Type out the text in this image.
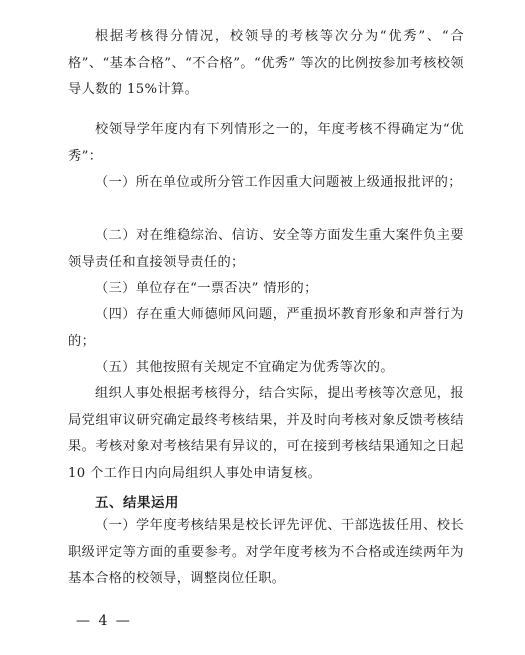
根据考核得分情况，校领导的考核等次分为“优秀”、“合格”、“基本合格”、“不合格”。“优秀” 等次的比例按参加考核校领导人数的 15%计算。

校领导学年度内有下列情形之一的，年度考核不得确定为“优秀”：

（一）所在单位或所分管工作因重大问题被上级通报批评的；

（二）对在维稳综治、信访、安全等方面发生重大案件负主要领导责任和直接领导责任的；

（三）单位存在“一票否决” 情形的；

（四）存在重大师德师风问题，严重损坏教育形象和声誉行为的；

（五）其他按照有关规定不宜确定为优秀等次的。

组织人事处根据考核得分，结合实际，提出考核等次意见，报局党组审议研究确定最终考核结果，并及时向考核对象反馈考核结果。考核对象对考核结果有异议的，可在接到考核结果通知之日起 10 个工作日内向局组织人事处申请复核。

五、结果运用

（一）学年度考核结果是校长评先评优、干部选拔任用、校长职级评定等方面的重要参考。对学年度考核为不合格或连续两年为基本合格的校领导，调整岗位任职。

— 4 —
